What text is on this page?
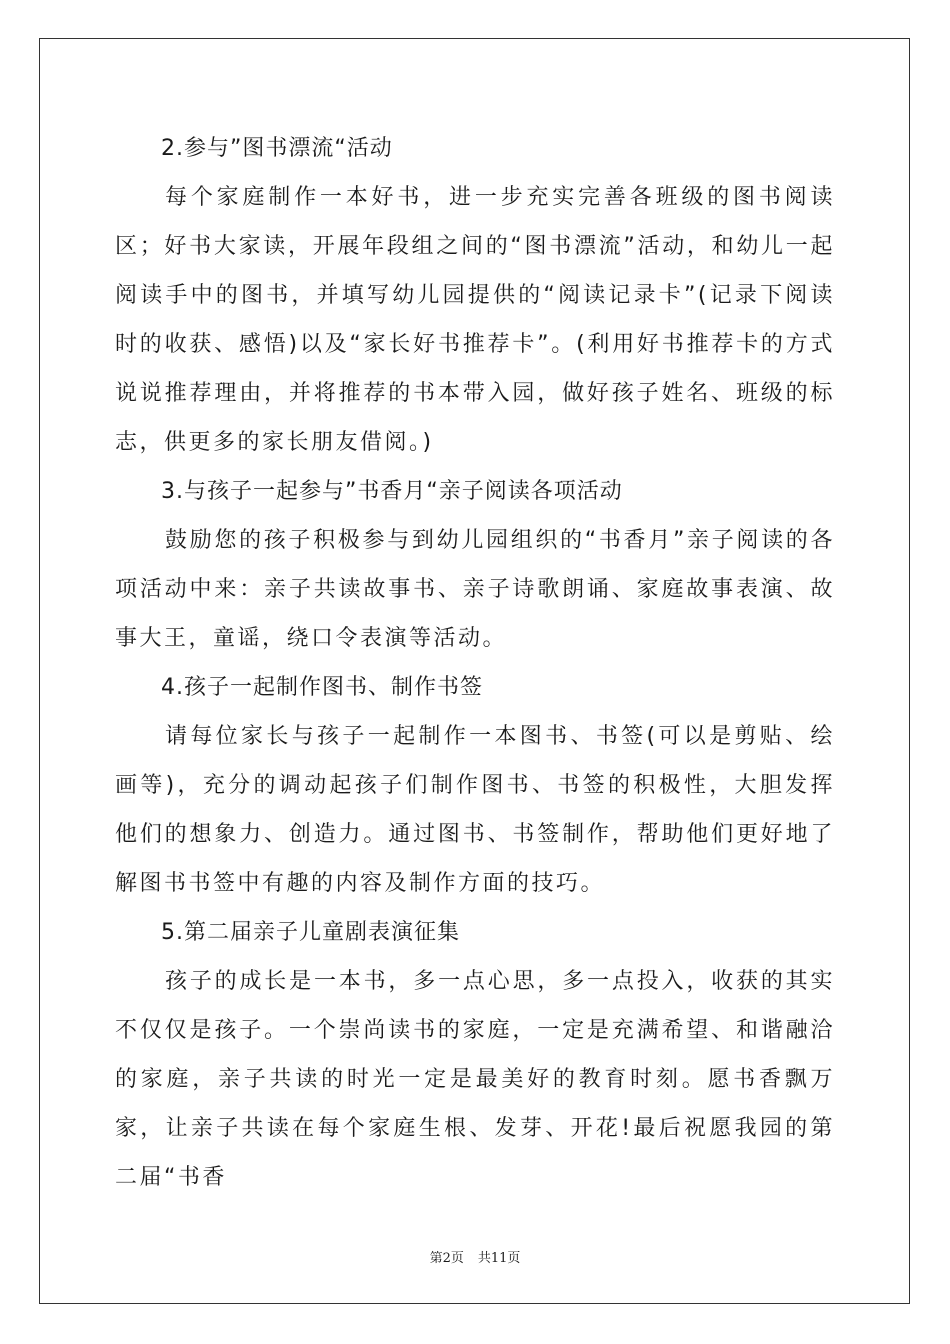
2.参与”图书漂流“活动
每个家庭制作一本好书，进一步充实完善各班级的图书阅读区；好书大家读，开展年段组之间的“图书漂流”活动，和幼儿一起阅读手中的图书，并填写幼儿园提供的“阅读记录卡”(记录下阅读时的收获、感悟)以及“家长好书推荐卡”。(利用好书推荐卡的方式说说推荐理由，并将推荐的书本带入园，做好孩子姓名、班级的标志，供更多的家长朋友借阅。)
3.与孩子一起参与”书香月“亲子阅读各项活动
鼓励您的孩子积极参与到幼儿园组织的“书香月”亲子阅读的各项活动中来：亲子共读故事书、亲子诗歌朗诵、家庭故事表演、故事大王，童谣，绕口令表演等活动。
4.孩子一起制作图书、制作书签
请每位家长与孩子一起制作一本图书、书签(可以是剪贴、绘画等)，充分的调动起孩子们制作图书、书签的积极性，大胆发挥他们的想象力、创造力。通过图书、书签制作，帮助他们更好地了解图书书签中有趣的内容及制作方面的技巧。
5.第二届亲子儿童剧表演征集
孩子的成长是一本书，多一点心思，多一点投入，收获的其实不仅仅是孩子。一个崇尚读书的家庭，一定是充满希望、和谐融洽的家庭，亲子共读的时光一定是最美好的教育时刻。愿书香飘万家，让亲子共读在每个家庭生根、发芽、开花!最后祝愿我园的第二届“书香
第2页 共11页
